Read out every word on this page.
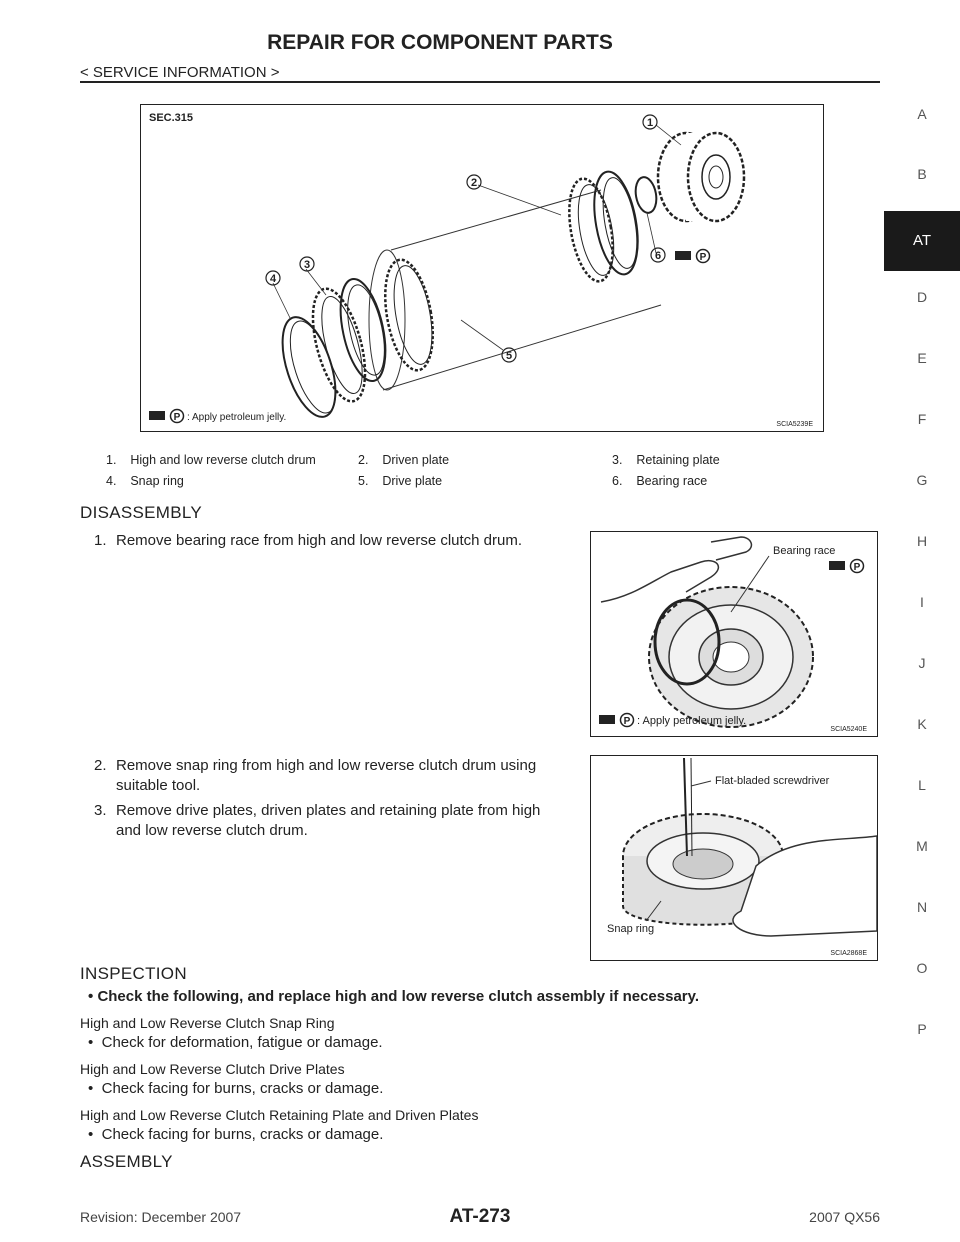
REPAIR FOR COMPONENT PARTS
< SERVICE INFORMATION >
A
B
AT
D
E
F
G
H
I
J
K
L
M
N
O
P
SEC.315	1
2
3
4
5
6	P
P : Apply petroleum jelly.
SCIA5239E
1. High and low reverse clutch drum	2. Driven plate	3. Retaining plate
4. Snap ring	5. Drive plate	6. Bearing race
DISASSEMBLY
1. Remove bearing race from high and low reverse clutch drum.
2. Remove snap ring from high and low reverse clutch drum using
suitable tool.
3. Remove drive plates, driven plates and retaining plate from high
and low reverse clutch drum.
Bearing race
P
P : Apply petroleum jelly.
SCIA5240E
Flat-bladed screwdriver
Snap ring
SCIA2868E
INSPECTION
• Check the following, and replace high and low reverse clutch assembly if necessary.
High and Low Reverse Clutch Snap Ring
• Check for deformation, fatigue or damage.
High and Low Reverse Clutch Drive Plates
• Check facing for burns, cracks or damage.
High and Low Reverse Clutch Retaining Plate and Driven Plates
• Check facing for burns, cracks or damage.
ASSEMBLY
Revision: December 2007	AT-273	2007 QX56
